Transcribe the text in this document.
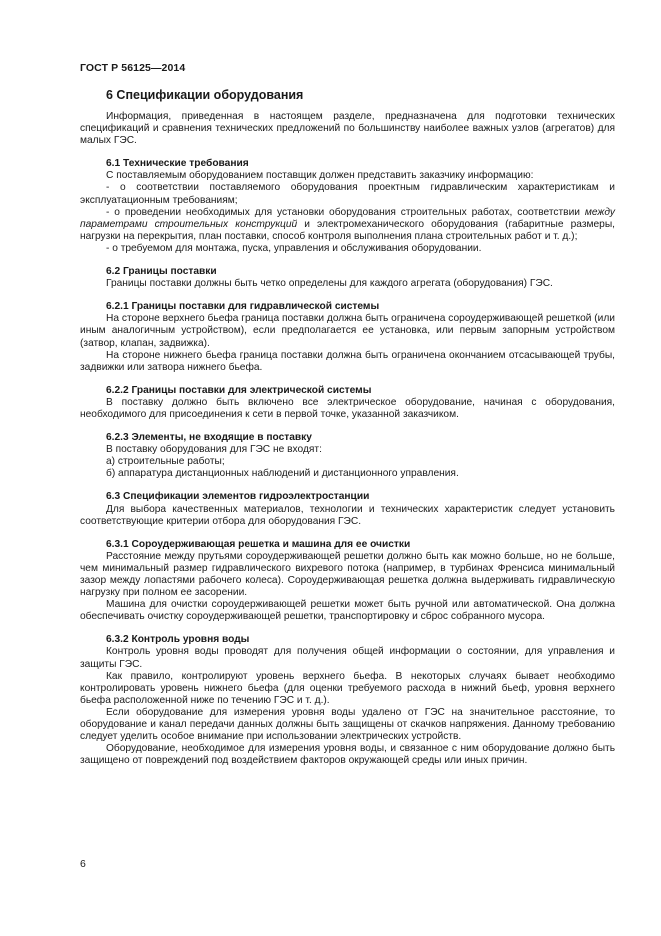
ГОСТ Р 56125—2014
6 Спецификации оборудования

Информация, приведенная в настоящем разделе, предназначена для подготовки технических спецификаций и сравнения технических предложений по большинству наиболее важных узлов (агрегатов) для малых ГЭС.

6.1 Технические требования

С поставляемым оборудованием поставщик должен представить заказчику информацию:

- о соответствии поставляемого оборудования проектным гидравлическим характеристикам и эксплуатационным требованиям;

- о проведении необходимых для установки оборудования строительных работах, соответствии между параметрами строительных конструкций и электромеханического оборудования (габаритные размеры, нагрузки на перекрытия, план поставки, способ контроля выполнения плана строительных работ и т. д.);

- о требуемом для монтажа, пуска, управления и обслуживания оборудовании.

6.2 Границы поставки

Границы поставки должны быть четко определены для каждого агрегата (оборудования) ГЭС.

6.2.1 Границы поставки для гидравлической системы

На стороне верхнего бьефа граница поставки должна быть ограничена сороудерживающей решеткой (или иным аналогичным устройством), если предполагается ее установка, или первым запорным устройством (затвор, клапан, задвижка).

На стороне нижнего бьефа граница поставки должна быть ограничена окончанием отсасывающей трубы, задвижки или затвора нижнего бьефа.

6.2.2 Границы поставки для электрической системы

В поставку должно быть включено все электрическое оборудование, начиная с оборудования, необходимого для присоединения к сети в первой точке, указанной заказчиком.

6.2.3 Элементы, не входящие в поставку

В поставку оборудования для ГЭС не входят:

а) строительные работы;

б) аппаратура дистанционных наблюдений и дистанционного управления.

6.3 Спецификации элементов гидроэлектростанции

Для выбора качественных материалов, технологии и технических характеристик следует установить соответствующие критерии отбора для оборудования ГЭС.

6.3.1 Сороудерживающая решетка и машина для ее очистки

Расстояние между прутьями сороудерживающей решетки должно быть как можно больше, но не больше, чем минимальный размер гидравлического вихревого потока (например, в турбинах Френсиса минимальный зазор между лопастями рабочего колеса). Сороудерживающая решетка должна выдерживать гидравлическую нагрузку при полном ее засорении.

Машина для очистки сороудерживающей решетки может быть ручной или автоматической. Она должна обеспечивать очистку сороудерживающей решетки, транспортировку и сброс собранного мусора.

6.3.2 Контроль уровня воды

Контроль уровня воды проводят для получения общей информации о состоянии, для управления и защиты ГЭС.

Как правило, контролируют уровень верхнего бьефа. В некоторых случаях бывает необходимо контролировать уровень нижнего бьефа (для оценки требуемого расхода в нижний бьеф, уровня верхнего бьефа расположенной ниже по течению ГЭС и т. д.).

Если оборудование для измерения уровня воды удалено от ГЭС на значительное расстояние, то оборудование и канал передачи данных должны быть защищены от скачков напряжения. Данному требованию следует уделить особое внимание при использовании электрических устройств.

Оборудование, необходимое для измерения уровня воды, и связанное с ним оборудование должно быть защищено от повреждений под воздействием факторов окружающей среды или иных причин.

6
